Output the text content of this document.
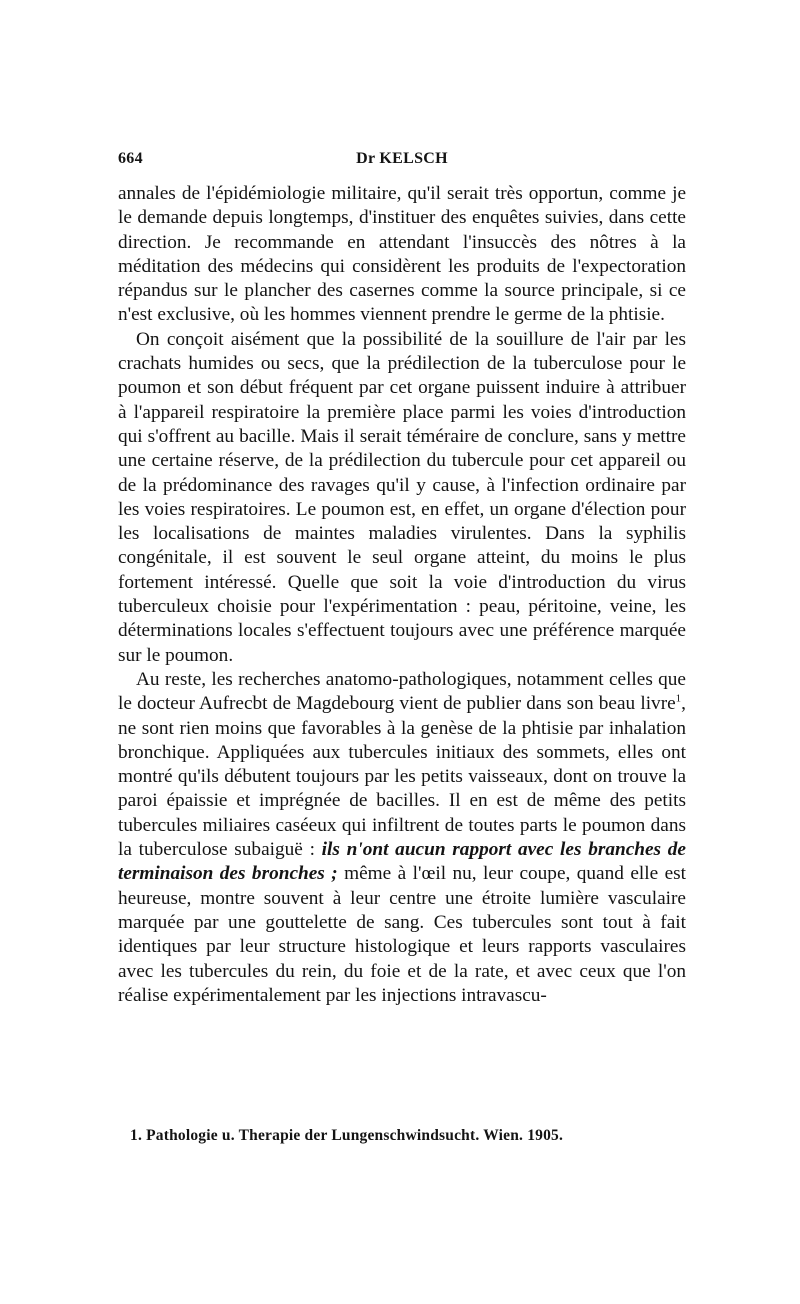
664	Dr KELSCH

annales de l'épidémiologie militaire, qu'il serait très opportun, comme je le demande depuis longtemps, d'instituer des enquêtes suivies, dans cette direction. Je recommande en attendant l'insuccès des nôtres à la méditation des médecins qui considèrent les produits de l'expectoration répandus sur le plancher des casernes comme la source principale, si ce n'est exclusive, où les hommes viennent prendre le germe de la phtisie.

On conçoit aisément que la possibilité de la souillure de l'air par les crachats humides ou secs, que la prédilection de la tuberculose pour le poumon et son début fréquent par cet organe puissent induire à attribuer à l'appareil respiratoire la première place parmi les voies d'introduction qui s'offrent au bacille. Mais il serait téméraire de conclure, sans y mettre une certaine réserve, de la prédilection du tubercule pour cet appareil ou de la prédominance des ravages qu'il y cause, à l'infection ordinaire par les voies respiratoires. Le poumon est, en effet, un organe d'élection pour les localisations de maintes maladies virulentes. Dans la syphilis congénitale, il est souvent le seul organe atteint, du moins le plus fortement intéressé. Quelle que soit la voie d'introduction du virus tuberculeux choisie pour l'expérimentation : peau, péritoine, veine, les déterminations locales s'effectuent toujours avec une préférence marquée sur le poumon.

Au reste, les recherches anatomo-pathologiques, notamment celles que le docteur Aufrecbt de Magdebourg vient de publier dans son beau livre$^1$, ne sont rien moins que favorables à la genèse de la phtisie par inhalation bronchique. Appliquées aux tubercules initiaux des sommets, elles ont montré qu'ils débutent toujours par les petits vaisseaux, dont on trouve la paroi épaissie et imprégnée de bacilles. Il en est de même des petits tubercules miliaires caséeux qui infiltrent de toutes parts le poumon dans la tuberculose subaiguë : ils n'ont aucun rapport avec les branches de terminaison des bronches ; même à l'œil nu, leur coupe, quand elle est heureuse, montre souvent à leur centre une étroite lumière vasculaire marquée par une gouttelette de sang. Ces tubercules sont tout à fait identiques par leur structure histologique et leurs rapports vasculaires avec les tubercules du rein, du foie et de la rate, et avec ceux que l'on réalise expérimentalement par les injections intravascu-

1. Pathologie u. Therapie der Lungenschwindsucht. Wien. 1905.
